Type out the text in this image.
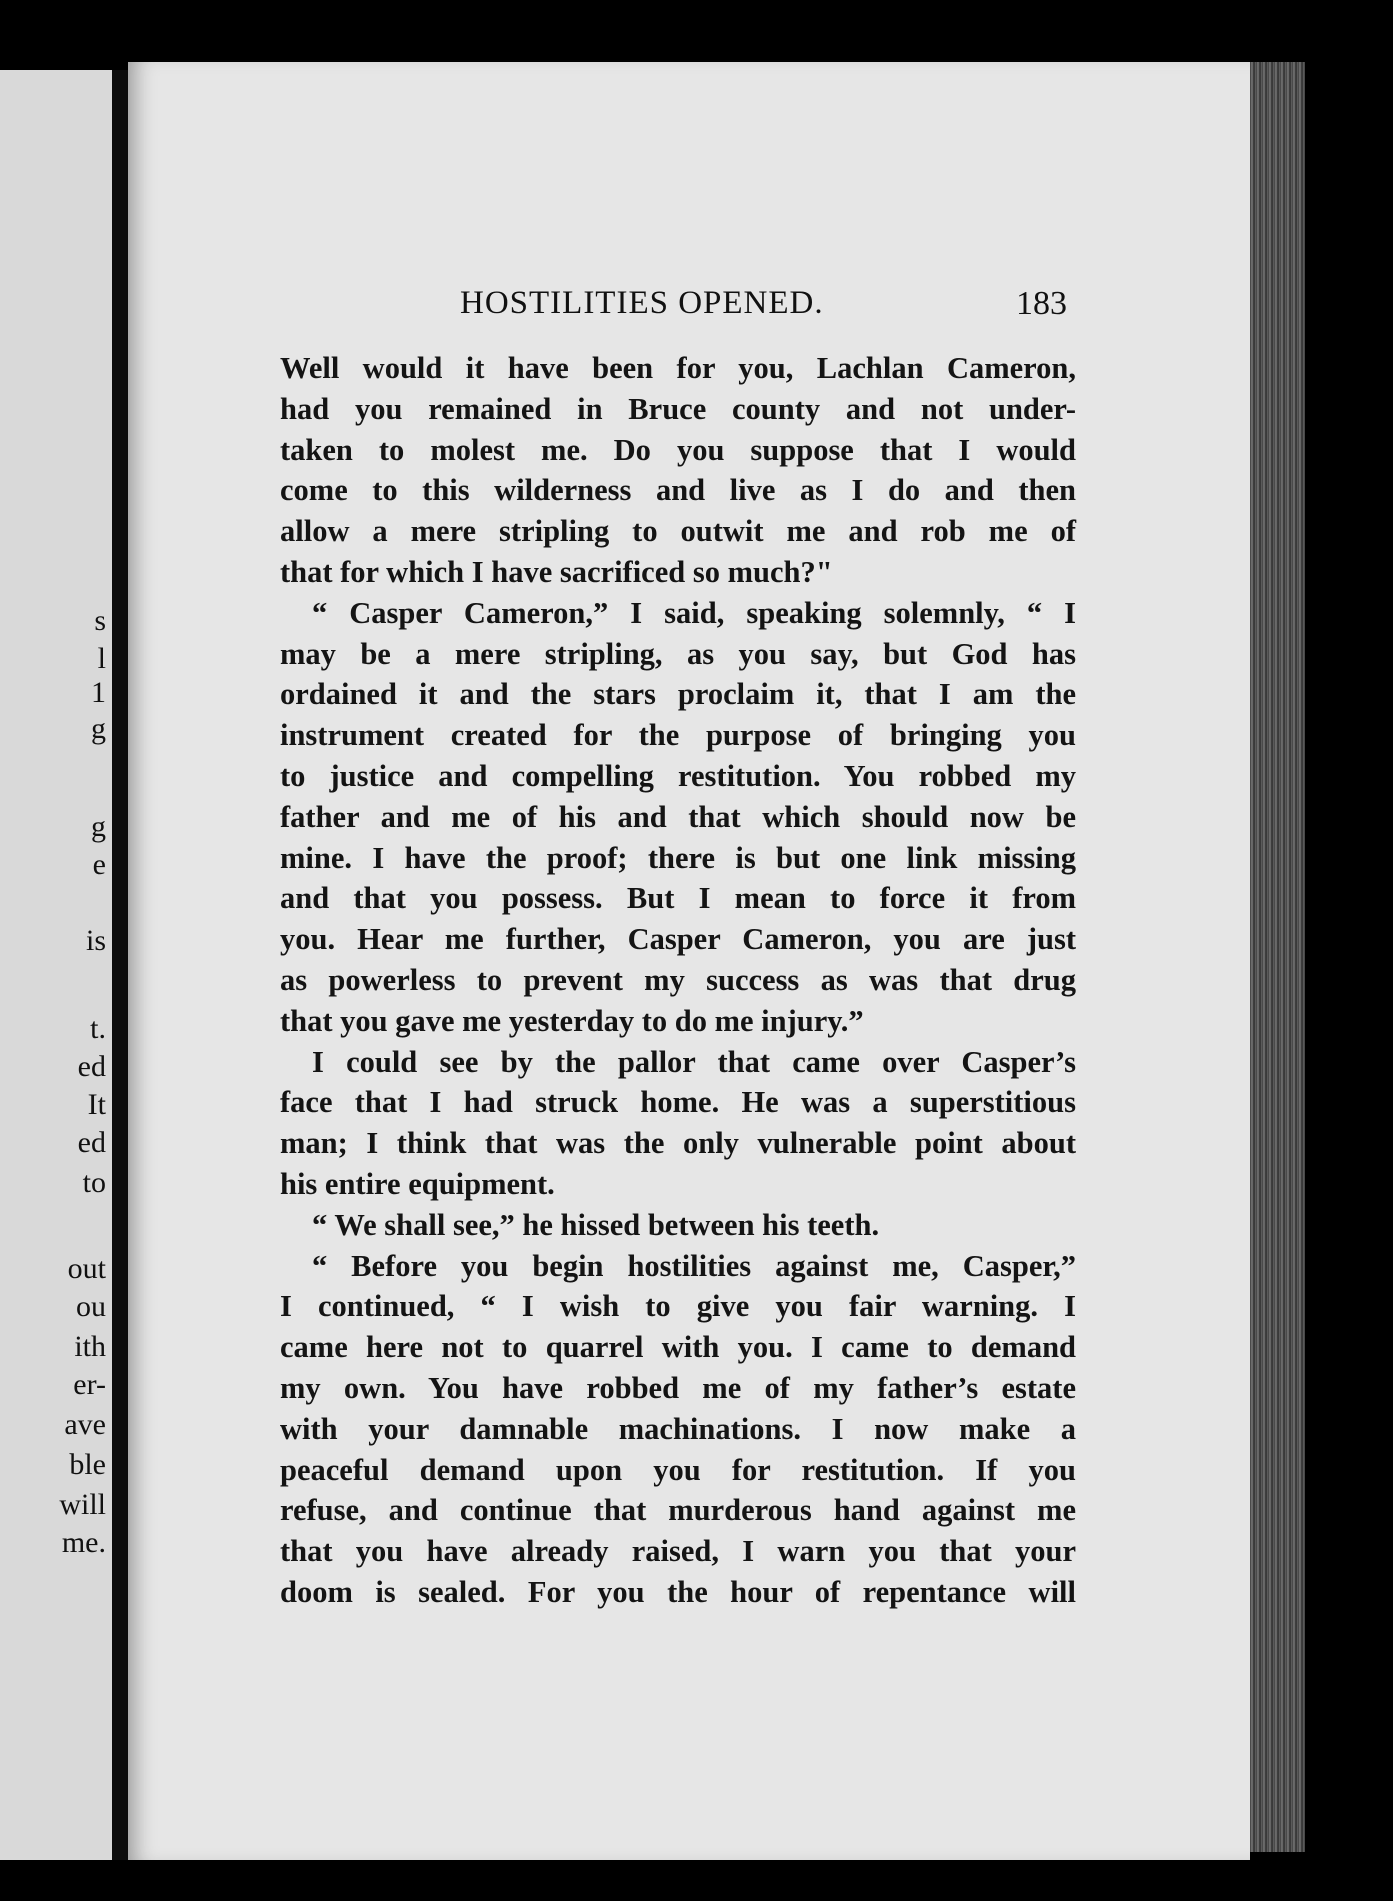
s
l
1
g
g
e
is
t.
ed
It
ed
to
out
ou
ith
er-
ave
ble
will
me.
HOSTILITIES OPENED.	183
Well would it have been for you, Lachlan Cameron,
had you remained in Bruce county and not under-
taken to molest me. Do you suppose that I would
come to this wilderness and live as I do and then
allow a mere stripling to outwit me and rob me of
that for which I have sacrificed so much?"
“ Casper Cameron,” I said, speaking solemnly, “ I
may be a mere stripling, as you say, but God has
ordained it and the stars proclaim it, that I am the
instrument created for the purpose of bringing you
to justice and compelling restitution. You robbed my
father and me of his and that which should now be
mine. I have the proof; there is but one link missing
and that you possess. But I mean to force it from
you. Hear me further, Casper Cameron, you are just
as powerless to prevent my success as was that drug
that you gave me yesterday to do me injury.”
I could see by the pallor that came over Casper’s
face that I had struck home. He was a superstitious
man; I think that was the only vulnerable point about
his entire equipment.
“ We shall see,” he hissed between his teeth.
“ Before you begin hostilities against me, Casper,”
I continued, “ I wish to give you fair warning. I
came here not to quarrel with you. I came to demand
my own. You have robbed me of my father’s estate
with your damnable machinations. I now make a
peaceful demand upon you for restitution. If you
refuse, and continue that murderous hand against me
that you have already raised, I warn you that your
doom is sealed. For you the hour of repentance will
